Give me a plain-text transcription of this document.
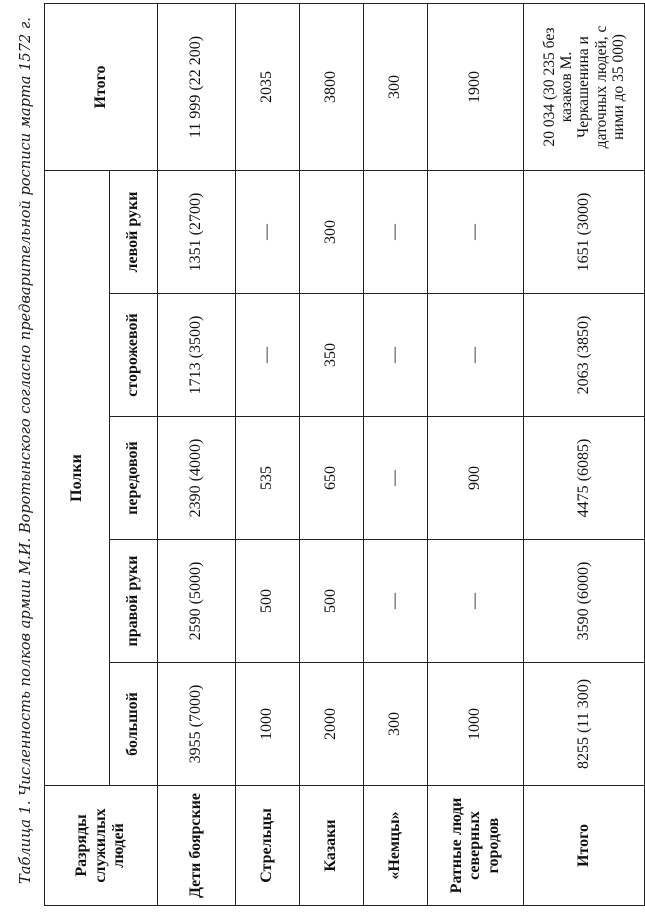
Таблица 1. Численность полков армии М.И. Воротынского согласно предварительной росписи марта 1572 г.	Разряды служилых людей	Полки					Итого
	большой	правой руки	передовой	сторожевой	левой руки	
Дети боярские	3955 (7000)	2590 (5000)	2390 (4000)	1713 (3500)	1351 (2700)	11 999 (22 200)
Стрельцы	1000	500	535	—	—	2035
Казаки	2000	500	650	350	300	3800
«Немцы»	300	—	—	—	—	300
Ратные люди северных городов	1000	—	900	—	—	1900
Итого	8255 (11 300)	3590 (6000)	4475 (6085)	2063 (3850)	1651 (3000)	20 034 (30 235 без казаков М. Черкашенина и даточных людей, с ними до 35 000)
